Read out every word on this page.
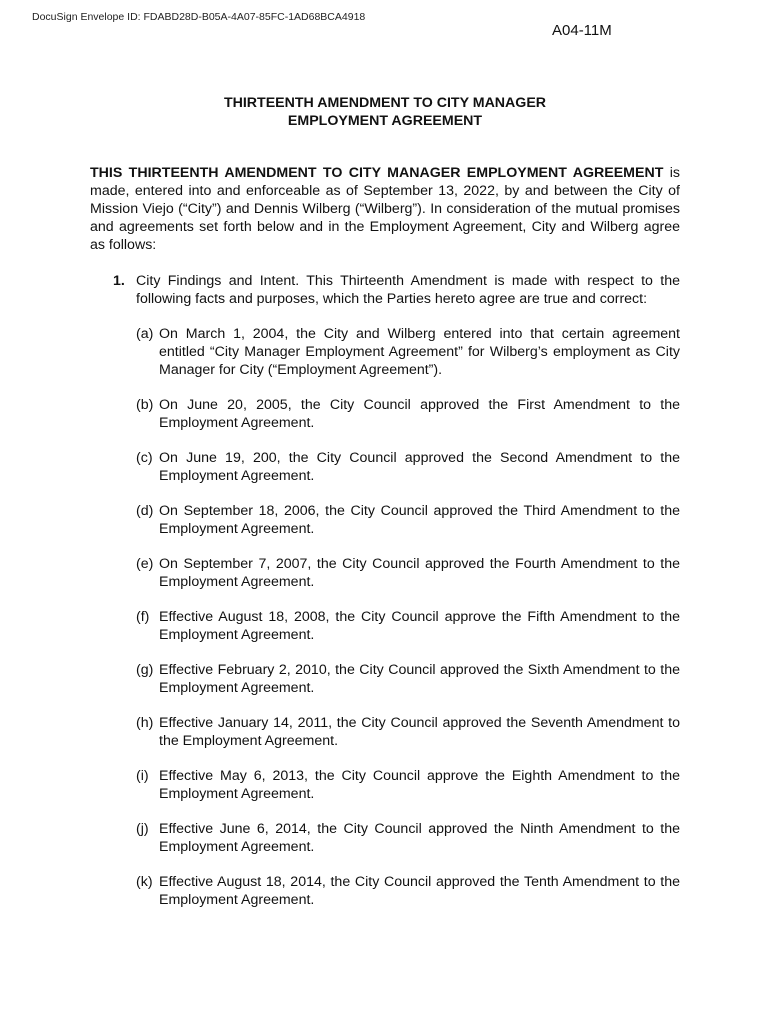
DocuSign Envelope ID: FDABD28D-B05A-4A07-85FC-1AD68BCA4918
A04-11M
THIRTEENTH AMENDMENT TO CITY MANAGER
EMPLOYMENT AGREEMENT
THIS THIRTEENTH AMENDMENT TO CITY MANAGER EMPLOYMENT AGREEMENT is made, entered into and enforceable as of September 13, 2022, by and between the City of Mission Viejo (“City”) and Dennis Wilberg (“Wilberg”). In consideration of the mutual promises and agreements set forth below and in the Employment Agreement, City and Wilberg agree as follows:
1. City Findings and Intent. This Thirteenth Amendment is made with respect to the following facts and purposes, which the Parties hereto agree are true and correct:
(a) On March 1, 2004, the City and Wilberg entered into that certain agreement entitled “City Manager Employment Agreement” for Wilberg’s employment as City Manager for City (“Employment Agreement”).
(b) On June 20, 2005, the City Council approved the First Amendment to the Employment Agreement.
(c) On June 19, 200, the City Council approved the Second Amendment to the Employment Agreement.
(d) On September 18, 2006, the City Council approved the Third Amendment to the Employment Agreement.
(e) On September 7, 2007, the City Council approved the Fourth Amendment to the Employment Agreement.
(f) Effective August 18, 2008, the City Council approve the Fifth Amendment to the Employment Agreement.
(g) Effective February 2, 2010, the City Council approved the Sixth Amendment to the Employment Agreement.
(h) Effective January 14, 2011, the City Council approved the Seventh Amendment to the Employment Agreement.
(i) Effective May 6, 2013, the City Council approve the Eighth Amendment to the Employment Agreement.
(j) Effective June 6, 2014, the City Council approved the Ninth Amendment to the Employment Agreement.
(k) Effective August 18, 2014, the City Council approved the Tenth Amendment to the Employment Agreement.
